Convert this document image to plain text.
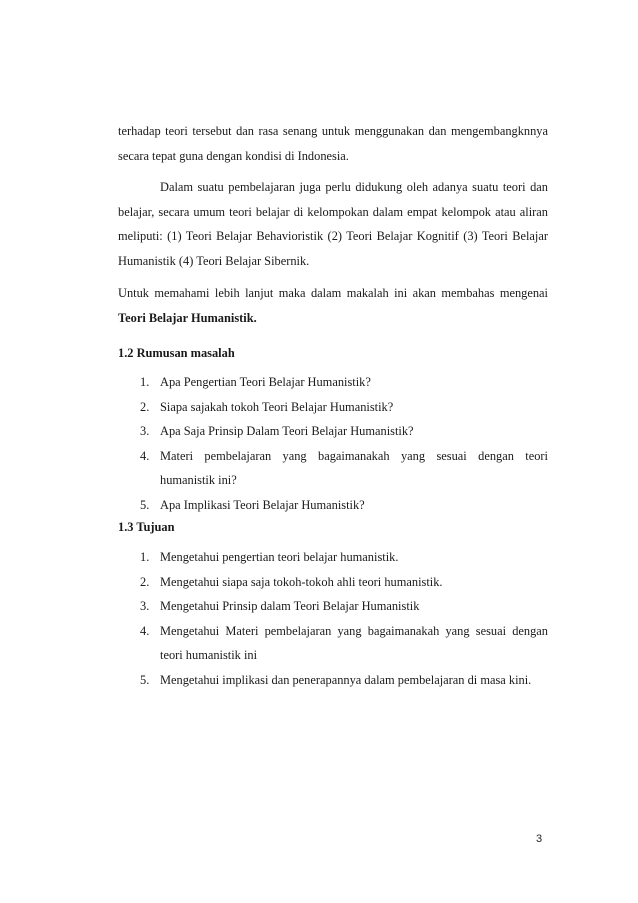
terhadap teori tersebut dan rasa senang untuk menggunakan dan mengembangknnya secara tepat guna dengan kondisi di Indonesia.

Dalam suatu pembelajaran juga perlu didukung oleh adanya suatu teori dan belajar, secara umum teori belajar di kelompokan dalam empat kelompok atau aliran meliputi: (1) Teori Belajar Behavioristik (2) Teori Belajar Kognitif (3) Teori Belajar Humanistik (4) Teori Belajar Sibernik.

Untuk memahami lebih lanjut maka dalam makalah ini akan membahas mengenai Teori Belajar Humanistik.

1.2 Rumusan masalah
1. Apa Pengertian Teori Belajar Humanistik?
2. Siapa sajakah tokoh Teori Belajar Humanistik?
3. Apa Saja Prinsip Dalam Teori Belajar Humanistik?
4. Materi pembelajaran yang bagaimanakah yang sesuai dengan teori humanistik ini?
5. Apa Implikasi Teori Belajar Humanistik?
1.3 Tujuan
1. Mengetahui pengertian teori belajar humanistik.
2. Mengetahui siapa saja tokoh-tokoh ahli teori humanistik.
3. Mengetahui Prinsip dalam Teori Belajar Humanistik
4. Mengetahui Materi pembelajaran yang bagaimanakah yang sesuai dengan teori humanistik ini
5. Mengetahui implikasi dan penerapannya dalam pembelajaran di masa kini.
3
